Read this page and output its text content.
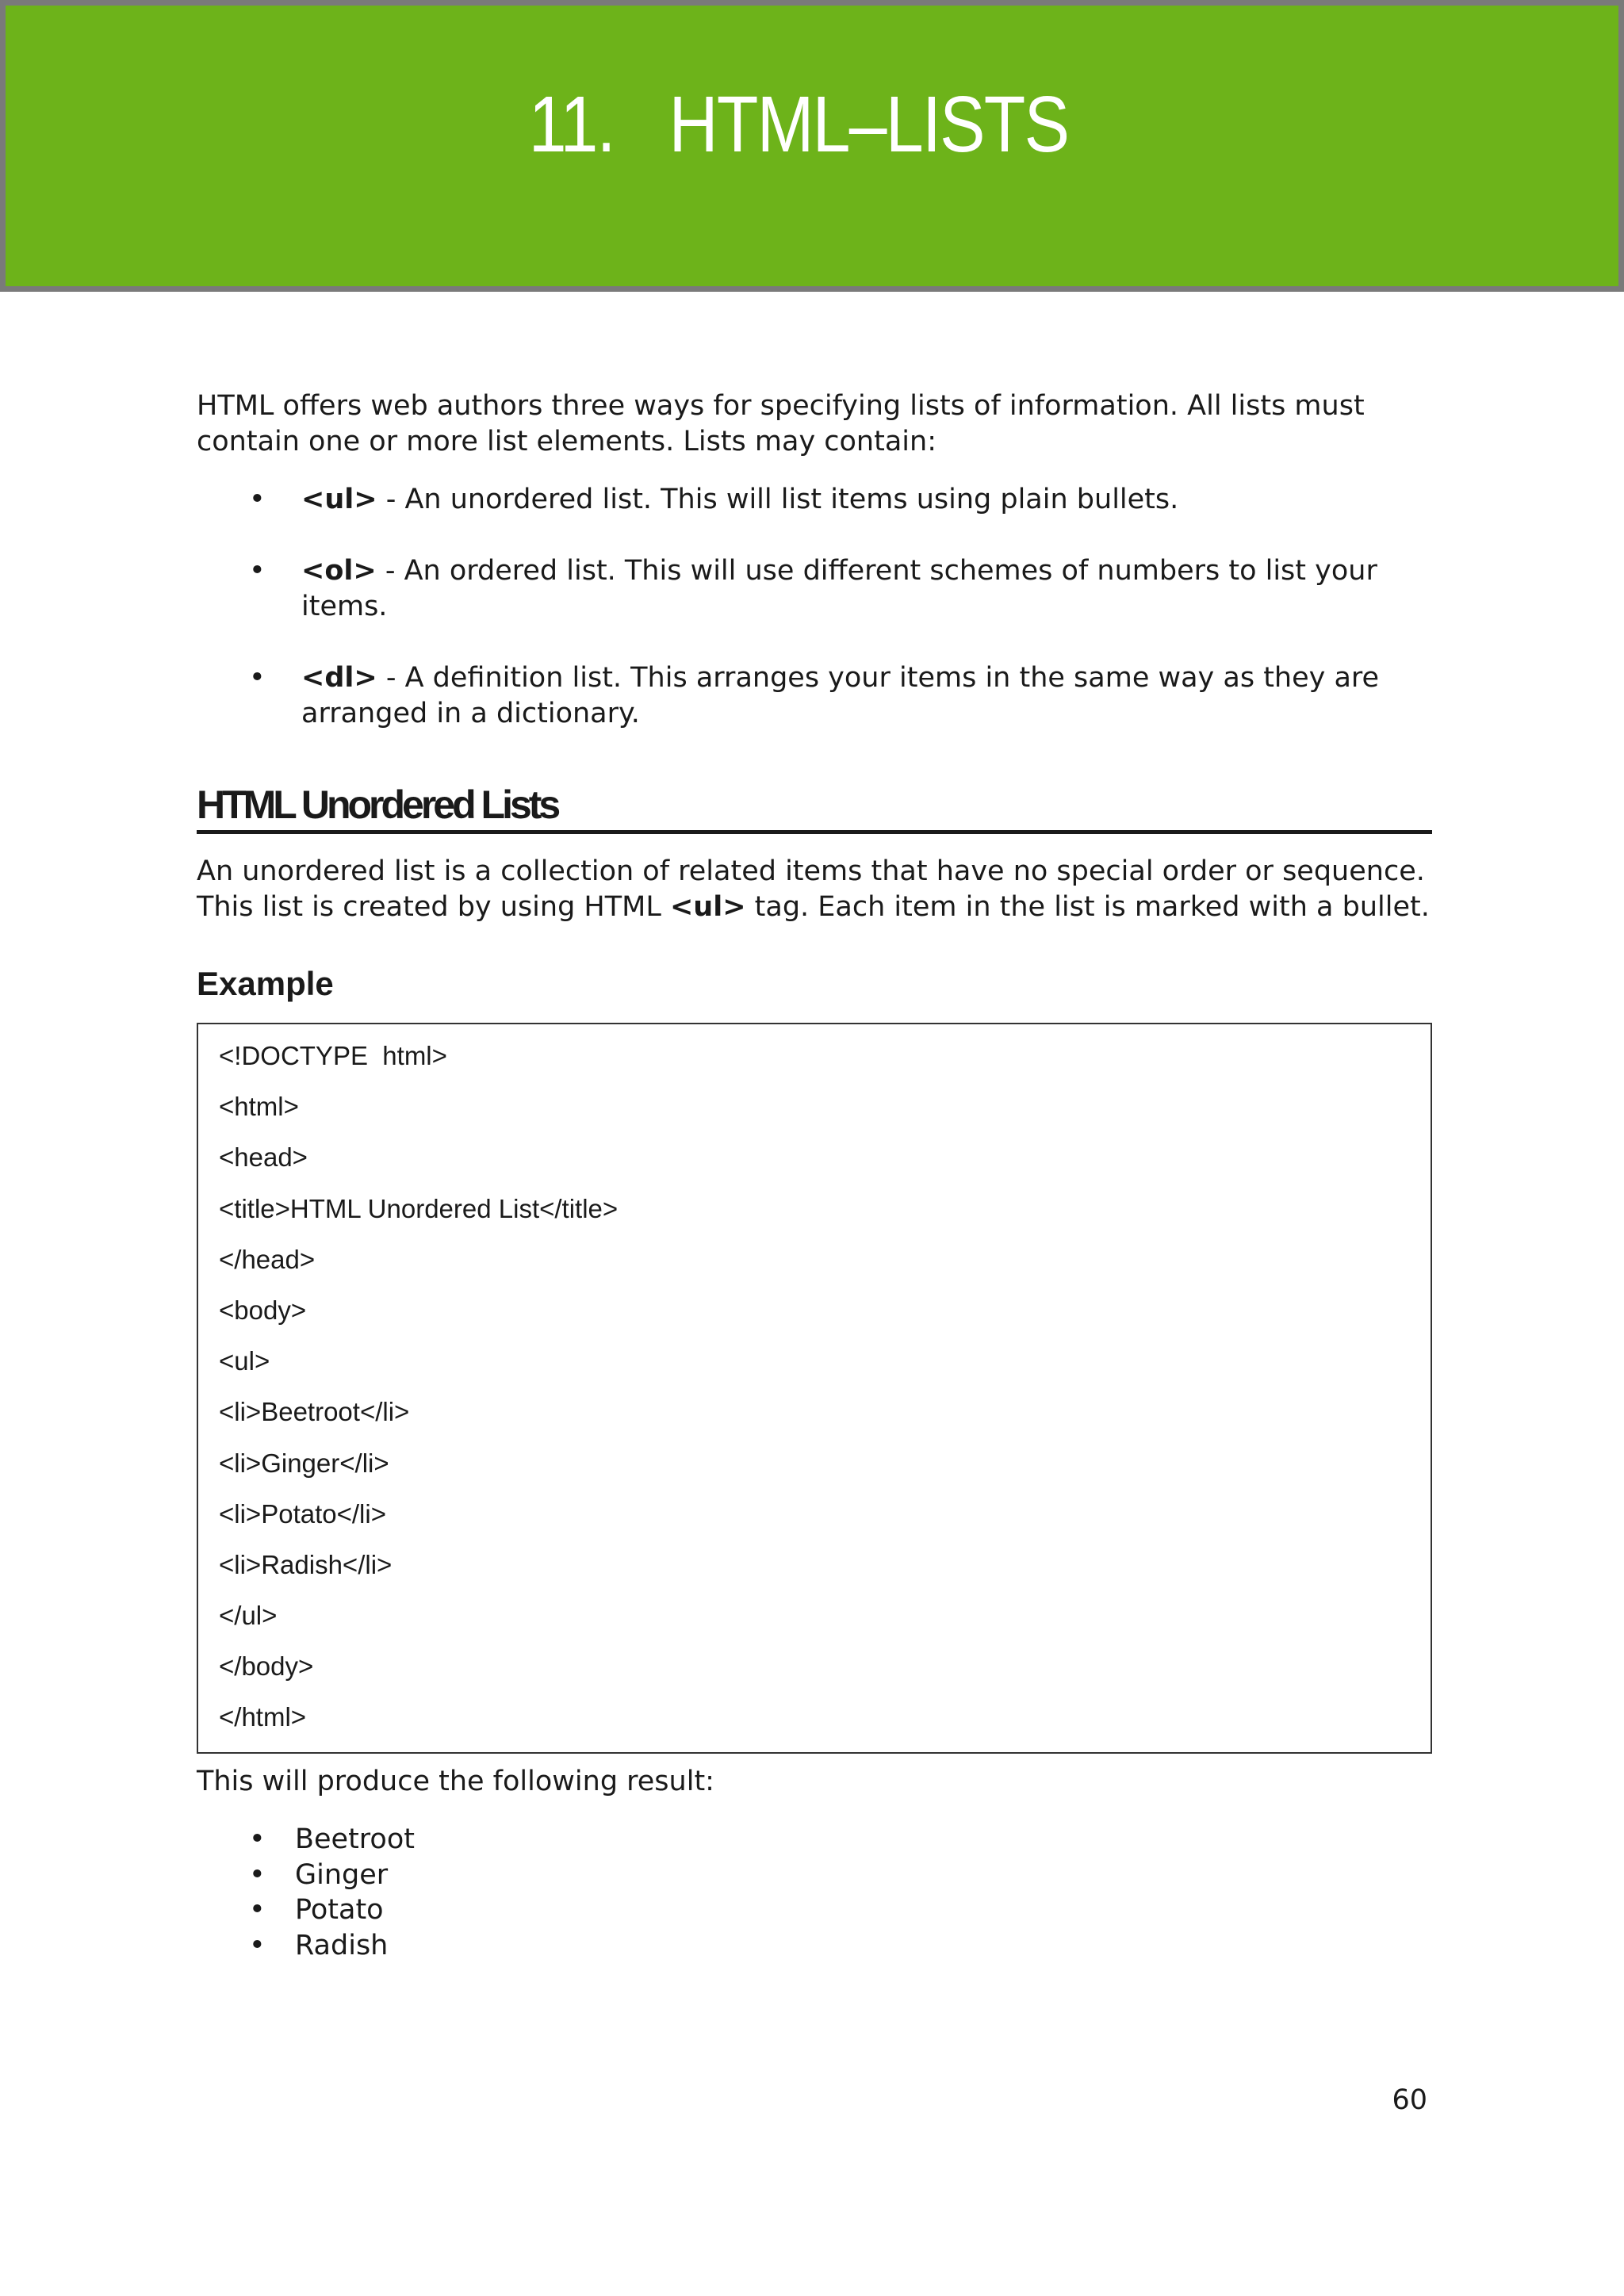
11. HTML–LISTS

HTML offers web authors three ways for specifying lists of information. All lists must contain one or more list elements. Lists may contain:

• <ul> - An unordered list. This will list items using plain bullets.
• <ol> - An ordered list. This will use different schemes of numbers to list your items.
• <dl> - A definition list. This arranges your items in the same way as they are arranged in a dictionary.
HTML Unordered Lists

An unordered list is a collection of related items that have no special order or sequence. This list is created by using HTML <ul> tag. Each item in the list is marked with a bullet.

Example
<!DOCTYPE  html>
<html>
<head>
<title>HTML Unordered List</title>
</head>
<body>
<ul>
<li>Beetroot</li>
<li>Ginger</li>
<li>Potato</li>
<li>Radish</li>
</ul>
</body>
</html>

This will produce the following result:

• Beetroot
• Ginger
• Potato
• Radish
60
